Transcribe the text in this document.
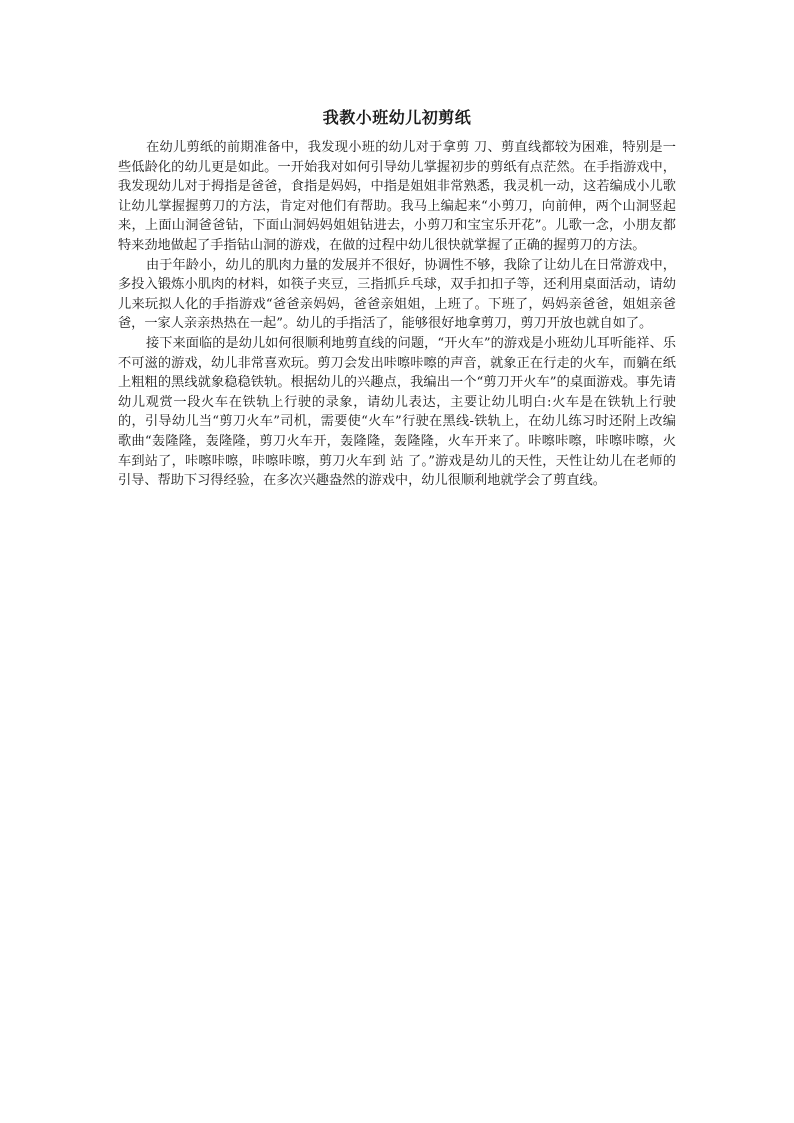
我教小班幼儿初剪纸

在幼儿剪纸的前期准备中，我发现小班的幼儿对于拿剪 刀、剪直线都较为困难，特别是一些低龄化的幼儿更是如此。一开始我对如何引导幼儿掌握初步的剪纸有点茫然。在手指游戏中，我发现幼儿对于拇指是爸爸，食指是妈妈，中指是姐姐非常熟悉，我灵机一动，这若编成小儿歌让幼儿掌握握剪刀的方法，肯定对他们有帮助。我马上编起来“小剪刀，向前伸，两个山洞竖起来，上面山洞爸爸钻，下面山洞妈妈姐姐钻进去，小剪刀和宝宝乐开花”。儿歌一念，小朋友都特来劲地做起了手指钻山洞的游戏，在做的过程中幼儿很快就掌握了正确的握剪刀的方法。

由于年龄小，幼儿的肌肉力量的发展并不很好，协调性不够，我除了让幼儿在日常游戏中，多投入锻炼小肌肉的材料，如筷子夹豆，三指抓乒乓球，双手扣扣子等，还利用桌面活动，请幼儿来玩拟人化的手指游戏“爸爸亲妈妈，爸爸亲姐姐，上班了。下班了，妈妈亲爸爸，姐姐亲爸爸，一家人亲亲热热在一起”。幼儿的手指活了，能够很好地拿剪刀，剪刀开放也就自如了。

接下来面临的是幼儿如何很顺利地剪直线的问题，“开火车”的游戏是小班幼儿耳听能祥、乐不可滋的游戏，幼儿非常喜欢玩。剪刀会发出咔嚓咔嚓的声音，就象正在行走的火车，而躺在纸上粗粗的黑线就象稳稳铁轨。根据幼儿的兴趣点，我编出一个“剪刀开火车”的桌面游戏。事先请幼儿观赏一段火车在铁轨上行驶的录象，请幼儿表达，主要让幼儿明白:火车是在铁轨上行驶的，引导幼儿当“剪刀火车”司机，需要使“火车”行驶在黑线-铁轨上，在幼儿练习时还附上改编歌曲“轰隆隆，轰隆隆，剪刀火车开，轰隆隆，轰隆隆，火车开来了。咔嚓咔嚓，咔嚓咔嚓，火车到站了，咔嚓咔嚓，咔嚓咔嚓，剪刀火车到 站 了。”游戏是幼儿的天性，天性让幼儿在老师的引导、帮助下习得经验，在多次兴趣盎然的游戏中，幼儿很顺利地就学会了剪直线。
